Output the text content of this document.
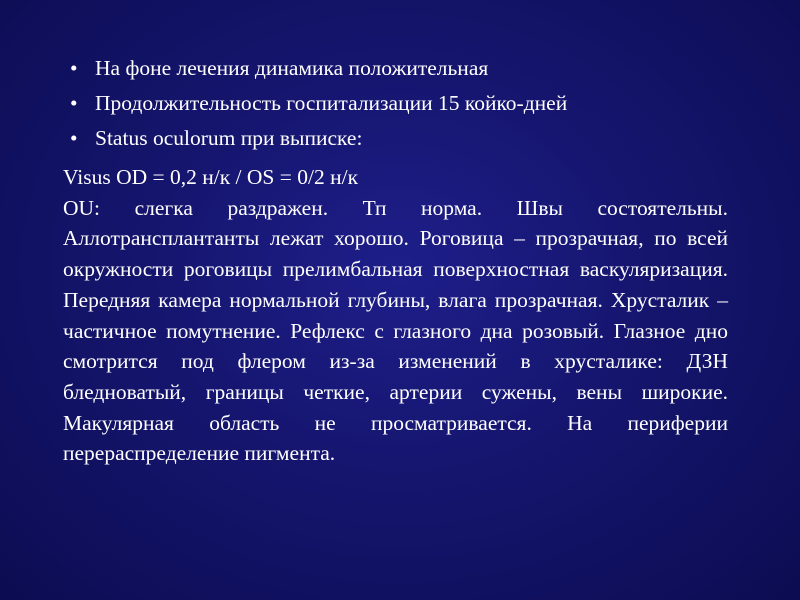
• На фоне лечения динамика положительная
• Продолжительность госпитализации 15 койко-дней
• Status oculorum при выписке:
Visus OD = 0,2 н/к / OS = 0/2 н/к
OU: слегка раздражен. Тп норма. Швы состоятельны. Аллотрансплантанты лежат хорошо. Роговица – прозрачная, по всей окружности роговицы прелимбальная поверхностная васкуляризация. Передняя камера нормальной глубины, влага прозрачная. Хрусталик – частичное помутнение. Рефлекс с глазного дна розовый. Глазное дно смотрится под флером из-за изменений в хрусталике: ДЗН бледноватый, границы четкие, артерии сужены, вены широкие. Макулярная область не просматривается. На периферии перераспределение пигмента.
